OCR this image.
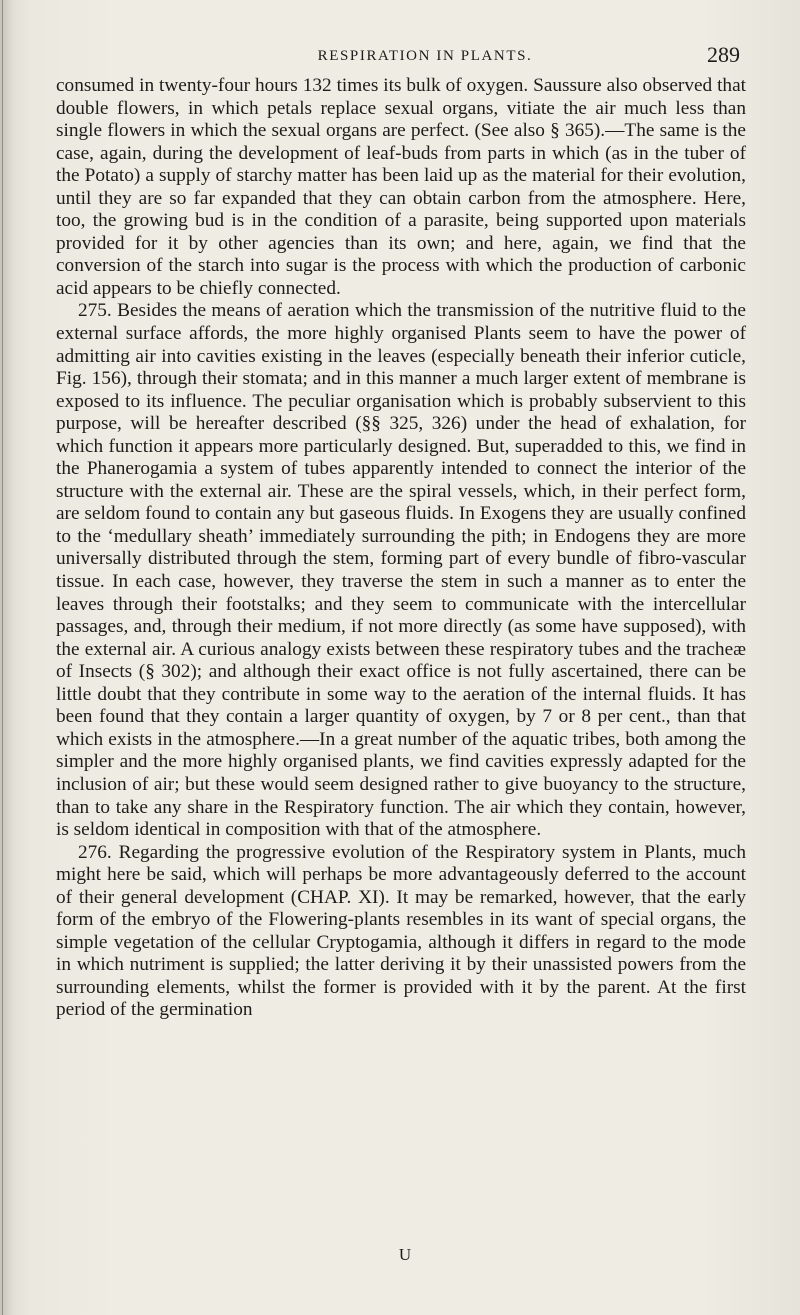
RESPIRATION IN PLANTS.	289

consumed in twenty-four hours 132 times its bulk of oxygen. Saussure also observed that double flowers, in which petals replace sexual organs, vitiate the air much less than single flowers in which the sexual organs are perfect. (See also § 365).—The same is the case, again, during the development of leaf-buds from parts in which (as in the tuber of the Potato) a supply of starchy matter has been laid up as the material for their evolution, until they are so far expanded that they can obtain carbon from the atmosphere. Here, too, the growing bud is in the condition of a parasite, being supported upon materials provided for it by other agencies than its own; and here, again, we find that the conversion of the starch into sugar is the process with which the production of carbonic acid appears to be chiefly connected.

275. Besides the means of aeration which the transmission of the nutritive fluid to the external surface affords, the more highly organised Plants seem to have the power of admitting air into cavities existing in the leaves (especially beneath their inferior cuticle, Fig. 156), through their stomata; and in this manner a much larger extent of membrane is exposed to its influence. The peculiar organisation which is probably subservient to this purpose, will be hereafter described (§§ 325, 326) under the head of exhalation, for which function it appears more particularly designed. But, superadded to this, we find in the Phanerogamia a system of tubes apparently intended to connect the interior of the structure with the external air. These are the spiral vessels, which, in their perfect form, are seldom found to contain any but gaseous fluids. In Exogens they are usually confined to the ‘medullary sheath’ immediately surrounding the pith; in Endogens they are more universally distributed through the stem, forming part of every bundle of fibro-vascular tissue. In each case, however, they traverse the stem in such a manner as to enter the leaves through their footstalks; and they seem to communicate with the intercellular passages, and, through their medium, if not more directly (as some have supposed), with the external air. A curious analogy exists between these respiratory tubes and the tracheæ of Insects (§ 302); and although their exact office is not fully ascertained, there can be little doubt that they contribute in some way to the aeration of the internal fluids. It has been found that they contain a larger quantity of oxygen, by 7 or 8 per cent., than that which exists in the atmosphere.—In a great number of the aquatic tribes, both among the simpler and the more highly organised plants, we find cavities expressly adapted for the inclusion of air; but these would seem designed rather to give buoyancy to the structure, than to take any share in the Respiratory function. The air which they contain, however, is seldom identical in composition with that of the atmosphere.

276. Regarding the progressive evolution of the Respiratory system in Plants, much might here be said, which will perhaps be more advantageously deferred to the account of their general development (CHAP. XI). It may be remarked, however, that the early form of the embryo of the Flowering-plants resembles in its want of special organs, the simple vegetation of the cellular Cryptogamia, although it differs in regard to the mode in which nutriment is supplied; the latter deriving it by their unassisted powers from the surrounding elements, whilst the former is provided with it by the parent. At the first period of the germination

U
